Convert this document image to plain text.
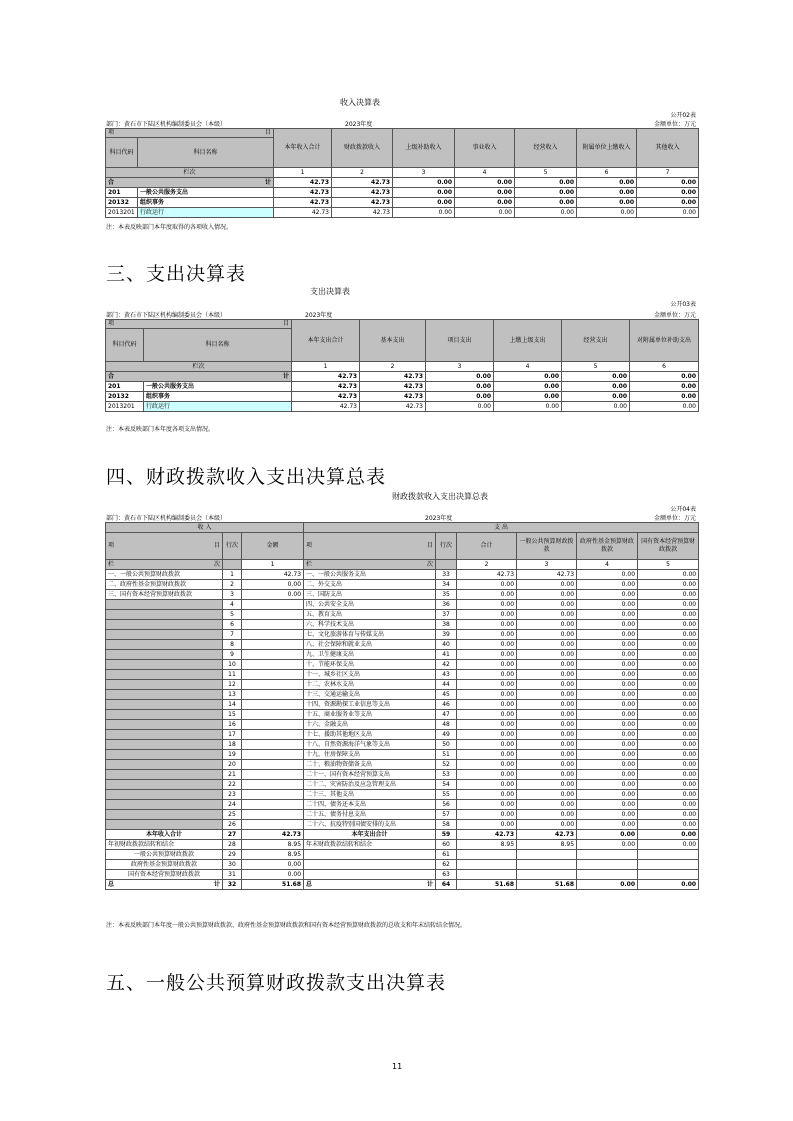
收入决算表
公开02表
部门：黄石市下陆区机构编制委员会（本级）	2023年度	金额单位：万元
项 目		本年收入合计	财政拨款收入	上级补助收入	事业收入	经营收入	附属单位上缴收入	其他收入
科目代码	科目名称							
栏次		1	2	3	4	5	6	7

合 计		42.73	42.73	0.00	0.00	0.00	0.00	0.00
201	一般公共服务支出	42.73	42.73	0.00	0.00	0.00	0.00	0.00
20132	组织事务	42.73	42.73	0.00	0.00	0.00	0.00	0.00
2013201	行政运行	42.73	42.73	0.00	0.00	0.00	0.00	0.00
注：本表反映部门本年度取得的各项收入情况。
三、支出决算表
支出决算表
公开03表
部门：黄石市下陆区机构编制委员会（本级）	2023年度	金额单位：万元
项 目		本年支出合计	基本支出	项目支出	上缴上级支出	经营支出	对附属单位补助支出
科目代码	科目名称						
栏次		1	2	3	4	5	6

合 计		42.73	42.73	0.00	0.00	0.00	0.00
201	一般公共服务支出	42.73	42.73	0.00	0.00	0.00	0.00
20132	组织事务	42.73	42.73	0.00	0.00	0.00	0.00
2013201	行政运行	42.73	42.73	0.00	0.00	0.00	0.00
注：本表反映部门本年度各项支出情况。
四、财政拨款收入支出决算总表
财政拨款收入支出决算总表
公开04表
部门：黄石市下陆区机构编制委员会（本级）	2023年度	金额单位：万元
收 入			支 出					

项 目	行次	金额	项 目	行次	合计	一般公共预算财政拨款	政府性基金预算财政拨款	国有资本经营预算财政拨款

栏 次		1	栏 次		2	3	4	5
一、一般公共预算财政拨款	1	42.73	一、一般公共服务支出	33	42.73	42.73	0.00	0.00
二、政府性基金预算财政拨款	2	0.00	二、外交支出	34	0.00	0.00	0.00	0.00
三、国有资本经营预算财政拨款	3	0.00	三、国防支出	35	0.00	0.00	0.00	0.00
	4		四、公共安全支出	36	0.00	0.00	0.00	0.00
	5		五、教育支出	37	0.00	0.00	0.00	0.00
	6		六、科学技术支出	38	0.00	0.00	0.00	0.00
	7		七、文化旅游体育与传媒支出	39	0.00	0.00	0.00	0.00
	8		八、社会保障和就业支出	40	0.00	0.00	0.00	0.00
	9		九、卫生健康支出	41	0.00	0.00	0.00	0.00
	10		十、节能环保支出	42	0.00	0.00	0.00	0.00
	11		十一、城乡社区支出	43	0.00	0.00	0.00	0.00
	12		十二、农林水支出	44	0.00	0.00	0.00	0.00
	13		十三、交通运输支出	45	0.00	0.00	0.00	0.00
	14		十四、资源勘探工业信息等支出	46	0.00	0.00	0.00	0.00
	15		十五、商业服务业等支出	47	0.00	0.00	0.00	0.00
	16		十六、金融支出	48	0.00	0.00	0.00	0.00
	17		十七、援助其他地区支出	49	0.00	0.00	0.00	0.00
	18		十八、自然资源海洋气象等支出	50	0.00	0.00	0.00	0.00
	19		十九、住房保障支出	51	0.00	0.00	0.00	0.00
	20		二十、粮油物资储备支出	52	0.00	0.00	0.00	0.00
	21		二十一、国有资本经营预算支出	53	0.00	0.00	0.00	0.00
	22		二十二、灾害防治及应急管理支出	54	0.00	0.00	0.00	0.00
	23		二十三、其他支出	55	0.00	0.00	0.00	0.00
	24		二十四、债务还本支出	56	0.00	0.00	0.00	0.00
	25		二十五、债务付息支出	57	0.00	0.00	0.00	0.00
	26		二十六、抗疫特别国债安排的支出	58	0.00	0.00	0.00	0.00
本年收入合计	27	42.73	本年支出合计	59	42.73	42.73	0.00	0.00
年初财政拨款结转和结余	28	8.95	年末财政拨款结转和结余	60	8.95	8.95	0.00	0.00
一般公共预算财政拨款	29	8.95		61				
政府性基金预算财政拨款	30	0.00		62				
国有资本经营预算财政拨款	31	0.00		63				

总 计	32	51.68	总 计	64	51.68	51.68	0.00	0.00
注：本表反映部门本年度一般公共预算财政拨款、政府性基金预算财政拨款和国有资本经营预算财政拨款的总收支和年末结转结余情况。
五、一般公共预算财政拨款支出决算表
11
